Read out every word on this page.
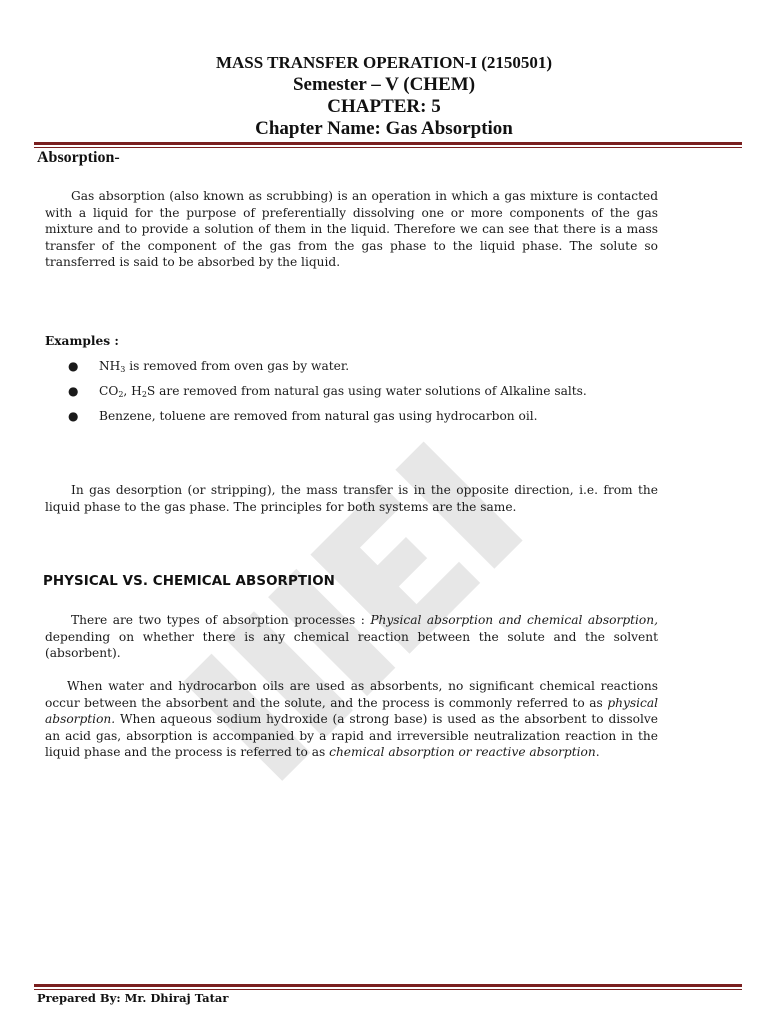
MASS TRANSFER OPERATION-I (2150501)
Semester – V (CHEM)
CHAPTER: 5
Chapter Name: Gas Absorption
Absorption-
Gas absorption (also known as scrubbing) is an operation in which a gas mixture is contacted with a liquid for the purpose of preferentially dissolving one or more components of the gas mixture and to provide a solution of them in the liquid. Therefore we can see that there is a mass transfer of the component of the gas from the gas phase to the liquid phase. The solute so transferred is said to be absorbed by the liquid.
Examples :
● $NH_3$ is removed from oven gas by water.
● $CO_2$, $H_2S$ are removed from natural gas using water solutions of Alkaline salts.
● Benzene, toluene are removed from natural gas using hydrocarbon oil.
In gas desorption (or stripping), the mass transfer is in the opposite direction, i.e. from the liquid phase to the gas phase. The principles for both systems are the same.
PHYSICAL VS. CHEMICAL ABSORPTION
There are two types of absorption processes : Physical absorption and chemical absorption, depending on whether there is any chemical reaction between the solute and the solvent (absorbent).
When water and hydrocarbon oils are used as absorbents, no significant chemical reactions occur between the absorbent and the solute, and the process is commonly referred to as physical absorption. When aqueous sodium hydroxide (a strong base) is used as the absorbent to dissolve an acid gas, absorption is accompanied by a rapid and irreversible neutralization reaction in the liquid phase and the process is referred to as chemical absorption or reactive absorption.
Prepared By: Mr. Dhiraj Tatar
